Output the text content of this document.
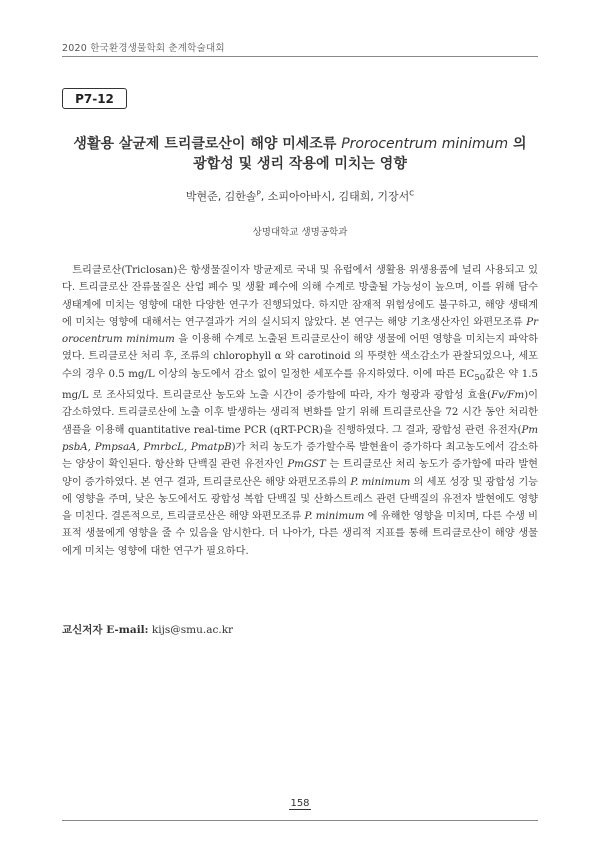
2020 한국환경생물학회 춘계학술대회
P7-12
생활용 살균제 트리클로산이 해양 미세조류 Prorocentrum minimum 의
광합성 및 생리 작용에 미치는 영향
박현준, 김한솔$^P$, 소피아아바시, 김태희, 기장서$^C$
상명대학교 생명공학과

 트리클로산(Triclosan)은 항생물질이자 방균제로 국내 및 유럽에서 생활용 위생용품에 널리 사용되고 있다. 트리클로산 잔류물질은 산업 폐수 및 생활 폐수에 의해 수계로 방출될 가능성이 높으며, 이를 위해 담수 생태계에 미치는 영향에 대한 다양한 연구가 진행되었다. 하지만 잠재적 위험성에도 불구하고, 해양 생태계에 미치는 영향에 대해서는 연구결과가 거의 실시되지 않았다. 본 연구는 해양 기초생산자인 와편모조류 Prorocentrum minimum 을 이용해 수계로 노출된 트리클로산이 해양 생물에 어떤 영향을 미치는지 파악하였다. 트리클로산 처리 후, 조류의 chlorophyll α 와 carotinoid 의 뚜렷한 색소감소가 관찰되었으나, 세포수의 경우 0.5 mg/L 이상의 농도에서 감소 없이 일정한 세포수를 유지하였다. 이에 따른 $EC_{50}$값은 약 1.5 mg/L 로 조사되었다. 트리클로산 농도와 노출 시간이 증가함에 따라, 자가 형광과 광합성 효율(Fv/Fm)이 감소하였다. 트리클로산에 노출 이후 발생하는 생리적 변화를 알기 위해 트리클로산을 72 시간 동안 처리한 샘플을 이용해 quantitative real-time PCR (qRT-PCR)을 진행하였다. 그 결과, 광합성 관련 유전자(PmpsbA, PmpsaA, PmrbcL, PmatpB)가 처리 농도가 증가할수록 발현율이 증가하다 최고농도에서 감소하는 양상이 확인된다. 항산화 단백질 관련 유전자인 PmGST 는 트리클로산 처리 농도가 증가함에 따라 발현양이 증가하였다. 본 연구 결과, 트리클로산은 해양 와편모조류의 P. minimum 의 세포 성장 및 광합성 기능에 영향을 주며, 낮은 농도에서도 광합성 복합 단백질 및 산화스트레스 관련 단백질의 유전자 발현에도 영향을 미친다. 결론적으로, 트리클로산은 해양 와편모조류 P. minimum 에 유해한 영향을 미치며, 다른 수생 비표적 생물에게 영향을 줄 수 있음을 암시한다. 더 나아가, 다른 생리적 지표를 통해 트리클로산이 해양 생물에게 미치는 영향에 대한 연구가 필요하다.

교신저자 E-mail: kijs@smu.ac.kr
158
